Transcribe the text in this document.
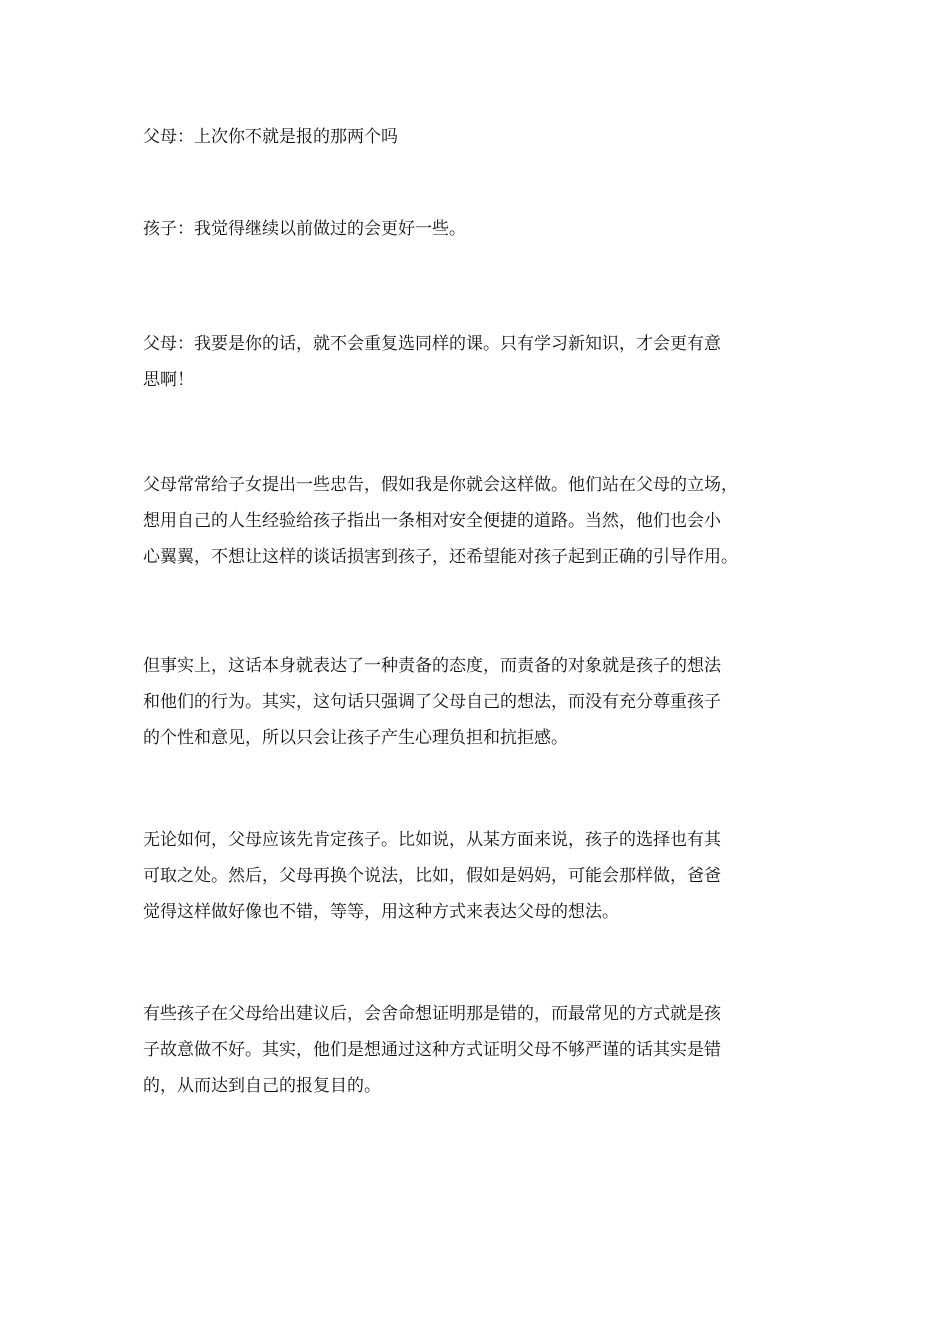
父母：上次你不就是报的那两个吗

孩子：我觉得继续以前做过的会更好一些。

父母：我要是你的话，就不会重复选同样的课。只有学习新知识，才会更有意
思啊！

父母常常给子女提出一些忠告，假如我是你就会这样做。他们站在父母的立场，
想用自己的人生经验给孩子指出一条相对安全便捷的道路。当然，他们也会小
心翼翼，不想让这样的谈话损害到孩子，还希望能对孩子起到正确的引导作用。

但事实上，这话本身就表达了一种责备的态度，而责备的对象就是孩子的想法
和他们的行为。其实，这句话只强调了父母自己的想法，而没有充分尊重孩子
的个性和意见，所以只会让孩子产生心理负担和抗拒感。

无论如何，父母应该先肯定孩子。比如说，从某方面来说，孩子的选择也有其
可取之处。然后，父母再换个说法，比如，假如是妈妈，可能会那样做，爸爸
觉得这样做好像也不错，等等，用这种方式来表达父母的想法。

有些孩子在父母给出建议后，会舍命想证明那是错的，而最常见的方式就是孩
子故意做不好。其实，他们是想通过这种方式证明父母不够严谨的话其实是错
的，从而达到自己的报复目的。
